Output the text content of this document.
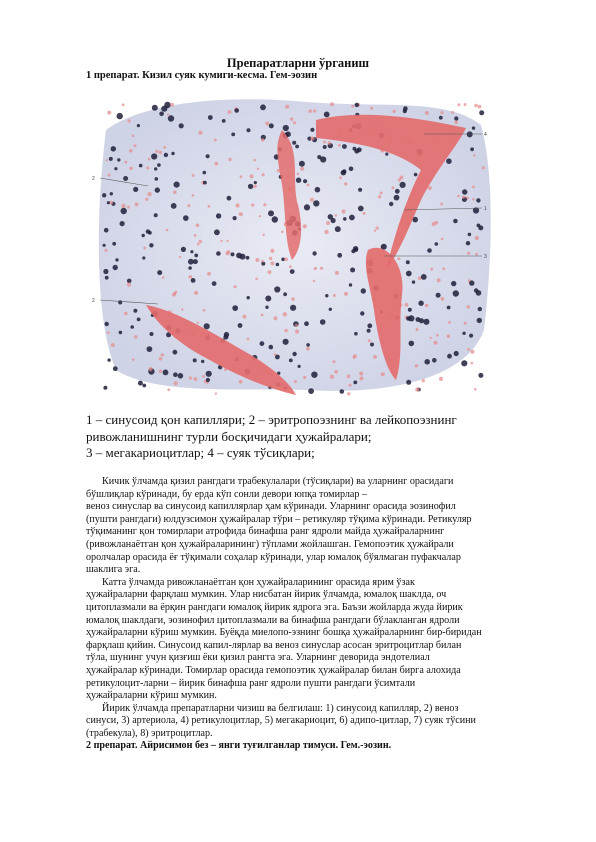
Препаратларни ўрганиш
1 препарат. Кизил суяк кумиги-кесма. Гем-эозин
4
1
3
2
2
1 – синусоид қон капилляри; 2 – эритропоэзнинг ва лейкопоэзнинг
ривожланишнинг турли босқичидаги ҳужайралари;
3 – мегакариоцитлар; 4 – суяк тўсиқлари;

Кичик ўлчамда қизил рангдаги трабекулалари (тўсиқлари) ва уларнинг орасидаги
бўшлиқлар кўринади, бу ерда кўп сонли девори юпқа томирлар –
веноз синуслар ва синусоид капиллярлар ҳам кўринади. Уларнинг орасида эозинофил
(пушти рангдаги) юлдузсимон ҳужайралар тўри – ретикуляр тўқима кўринади. Ретикуляр
тўқиманинг қон томирлари атрофида бинафша ранг ядроли майда ҳужайраларнинг
(ривожланаётган қон ҳужайраларининг) тўплами жойлашган. Гемопоэтик ҳужайрали
оролчалар орасида ёғ тўқимали соҳалар кўринади, улар юмалоқ бўялмаган пуфакчалар
шаклига эга.

Катта ўлчамда ривожланаётган қон ҳужайраларининг орасида ярим ўзак
ҳужайраларни фарқлаш мумкин. Улар нисбатан йирик ўлчамда, юмалоқ шаклда, оч
цитоплазмали ва ёрқин рангдаги юмалоқ йирик ядрога эга. Баъзи жойларда жуда йирик
юмалоқ шаклдаги, эозинофил цитоплазмали ва бинафша рангдаги бўлакланган ядроли
ҳужайраларни кўриш мумкин. Буёқда миелопо-эзнинг бошқа ҳужайраларнинг бир-биридан
фарқлаш қийин. Синусоид капил-лярлар ва веноз синуслар асосан эритроцитлар билан
тўла, шунинг учун қизғиш ёки қизил рангга эга. Уларнинг деворида эндотелиал
ҳужайралар кўринади. Томирлар орасида гемопоэтик ҳужайралар билан бирга алохида
ретикулоцит-ларни – йирик бинафша ранг ядроли пушти рангдаги ўсимтали
ҳужайраларни кўриш мумкин.

Йирик ўлчамда препаратларни чизиш ва белгилаш: 1) синусоид капилляр, 2) веноз
синуси, 3) артериола, 4) ретикулоцитлар, 5) мегакариоцит, 6) адипо-цитлар, 7) суяк тўсини
(трабекула), 8) эритроцитлар.

2 препарат. Айрисимон без – янги туғилганлар тимуси. Гем.-эозин.
